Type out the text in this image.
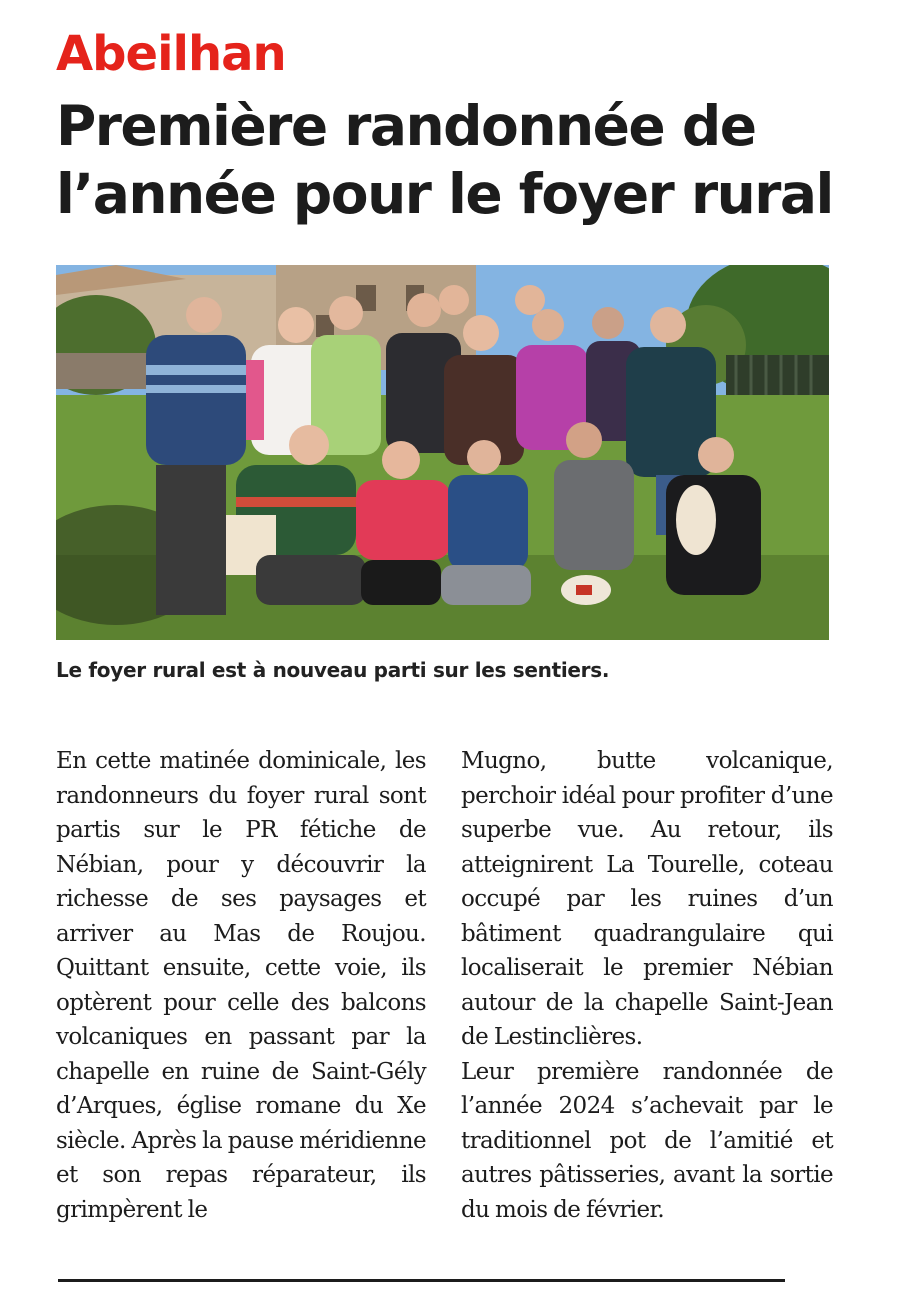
Abeilhan
Première randonnée de l’année pour le foyer rural

Le foyer rural est à nouveau parti sur les sentiers.

En cette matinée dominicale, les randonneurs du foyer rural sont partis sur le PR fétiche de Nébian, pour y découvrir la richesse de ses paysages et arriver au Mas de Roujou. Quittant ensuite, cette voie, ils optèrent pour celle des balcons volcaniques en passant par la chapelle en ruine de Saint-Gély d’Arques, église romane du Xe siècle. Après la pause méridienne et son repas réparateur, ils grimpèrent le

Mugno, butte volcanique, perchoir idéal pour profiter d’une superbe vue. Au retour, ils atteignirent La Tourelle, coteau occupé par les ruines d’un bâtiment quadrangulaire qui localiserait le premier Nébian autour de la chapelle Saint-Jean de Lestinclières.

Leur première randonnée de l’année 2024 s’achevait par le traditionnel pot de l’amitié et autres pâtisseries, avant la sortie du mois de février.
